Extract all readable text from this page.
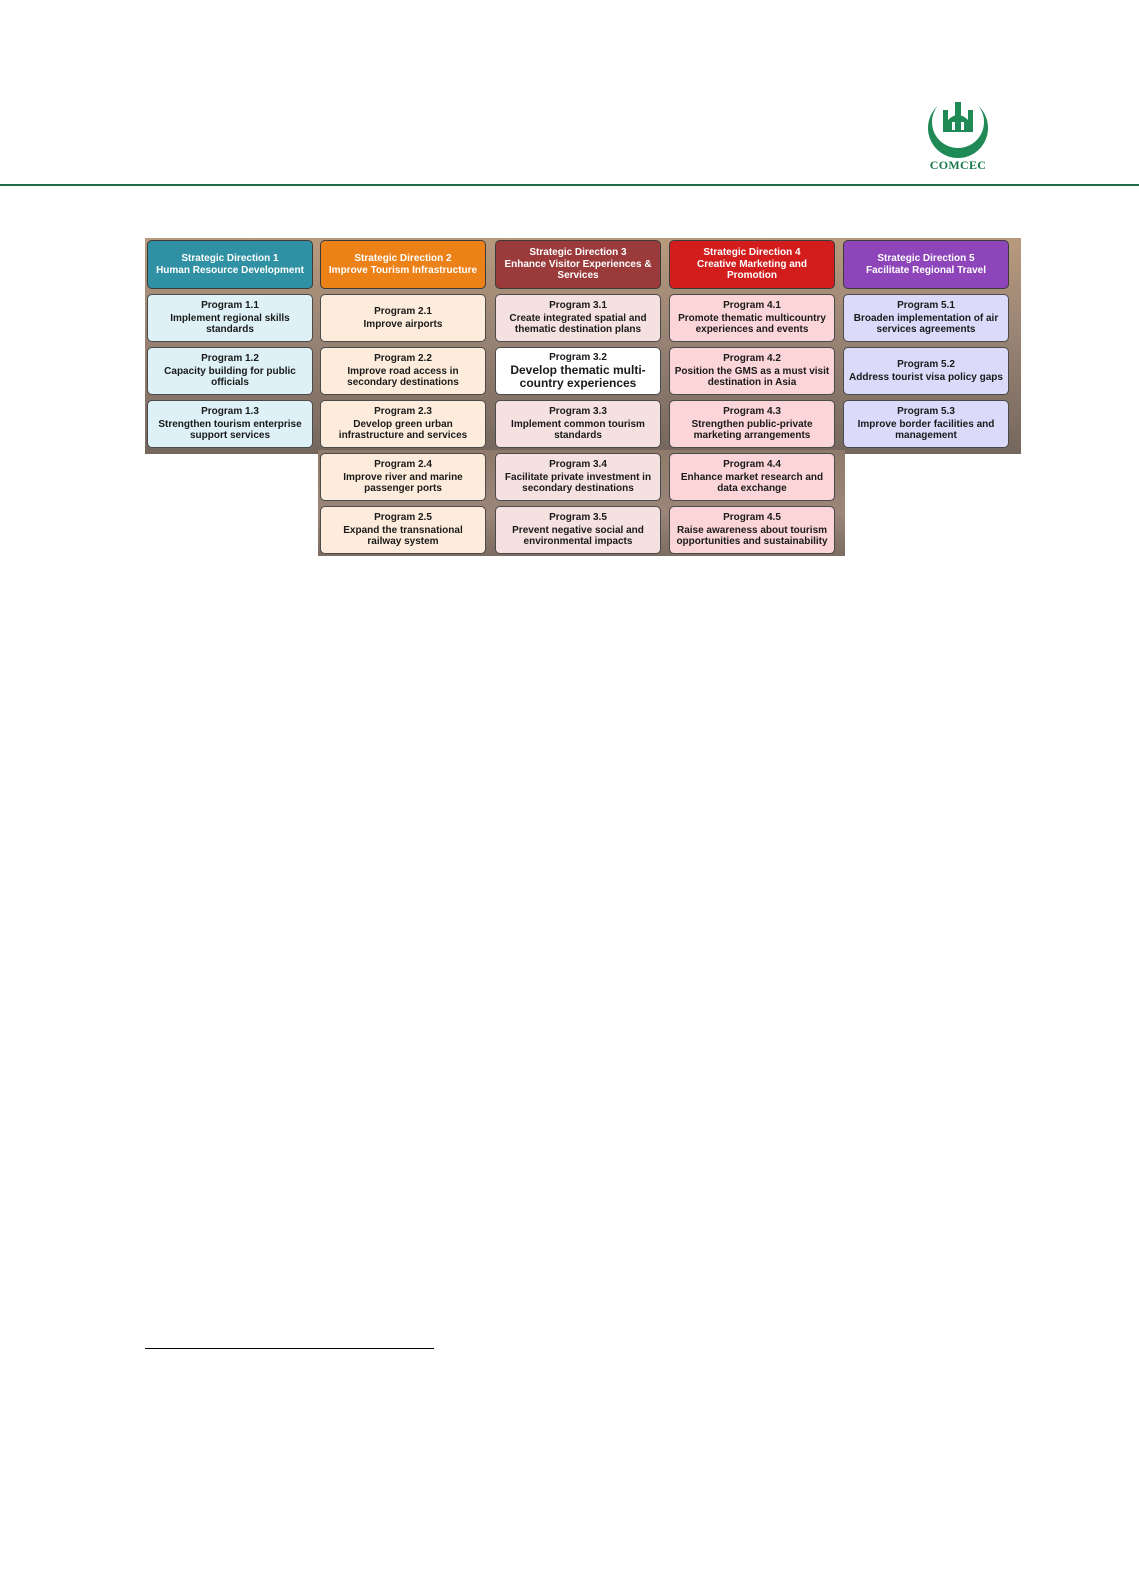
COMCEC
Strategic Direction 1
Human Resource Development
Program 1.1
Implement regional skills standards
Program 1.2
Capacity building for public officials
Program 1.3
Strengthen tourism enterprise support services
Strategic Direction 2
Improve Tourism Infrastructure
Program 2.1
Improve airports
Program 2.2
Improve road access in secondary destinations
Program 2.3
Develop green urban infrastructure and services
Program 2.4
Improve river and marine passenger ports
Program 2.5
Expand the transnational railway system
Strategic Direction 3
Enhance Visitor Experiences & Services
Program 3.1
Create integrated spatial and thematic destination plans
Program 3.2
Develop thematic multi-country experiences
Program 3.3
Implement common tourism standards
Program 3.4
Facilitate private investment in secondary destinations
Program 3.5
Prevent negative social and environmental impacts
Strategic Direction 4
Creative Marketing and Promotion
Program 4.1
Promote thematic multicountry experiences and events
Program 4.2
Position the GMS as a must visit destination in Asia
Program 4.3
Strengthen public-private marketing arrangements
Program 4.4
Enhance market research and data exchange
Program 4.5
Raise awareness about tourism opportunities and sustainability
Strategic Direction 5
Facilitate Regional Travel
Program 5.1
Broaden implementation of air services agreements
Program 5.2
Address tourist visa policy gaps
Program 5.3
Improve border facilities and management
